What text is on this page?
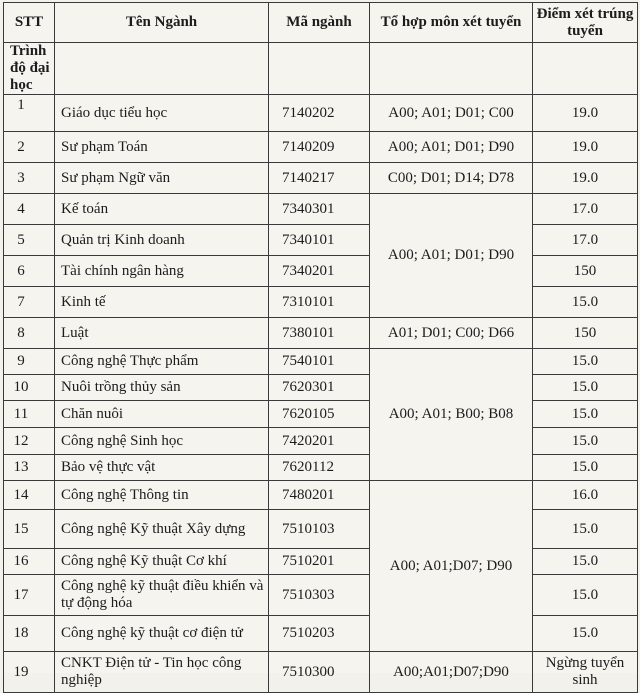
STT	Tên Ngành	Mã ngành	Tổ hợp môn xét tuyển	Điểm xét trúng tuyển
Trình độ đại học				
1	Giáo dục tiểu học	7140202	A00; A01; D01; C00	19.0
2	Sư phạm Toán	7140209	A00; A01; D01; D90	19.0
3	Sư phạm Ngữ văn	7140217	C00; D01; D14; D78	19.0
4	Kế toán	7340301	A00; A01; D01; D90	17.0
5	Quản trị Kinh doanh	7340101		17.0
6	Tài chính ngân hàng	7340201		150
7	Kinh tế	7310101		15.0
8	Luật	7380101	A01; D01; C00; D66	150
9	Công nghệ Thực phẩm	7540101	A00; A01; B00; B08	15.0
10	Nuôi trồng thủy sản	7620301		15.0
11	Chăn nuôi	7620105		15.0
12	Công nghệ Sinh học	7420201		15.0
13	Bảo vệ thực vật	7620112		15.0
14	Công nghệ Thông tin	7480201	A00; A01;D07; D90	16.0
15	Công nghệ Kỹ thuật Xây dựng	7510103		15.0
16	Công nghệ Kỹ thuật Cơ khí	7510201		15.0
17	Công nghệ kỹ thuật điều khiển và tự động hóa	7510303		15.0
18	Công nghệ kỹ thuật cơ điện tử	7510203		15.0
19	CNKT Điện tử - Tin học công nghiệp	7510300	A00;A01;D07;D90	Ngừng tuyển sinh
